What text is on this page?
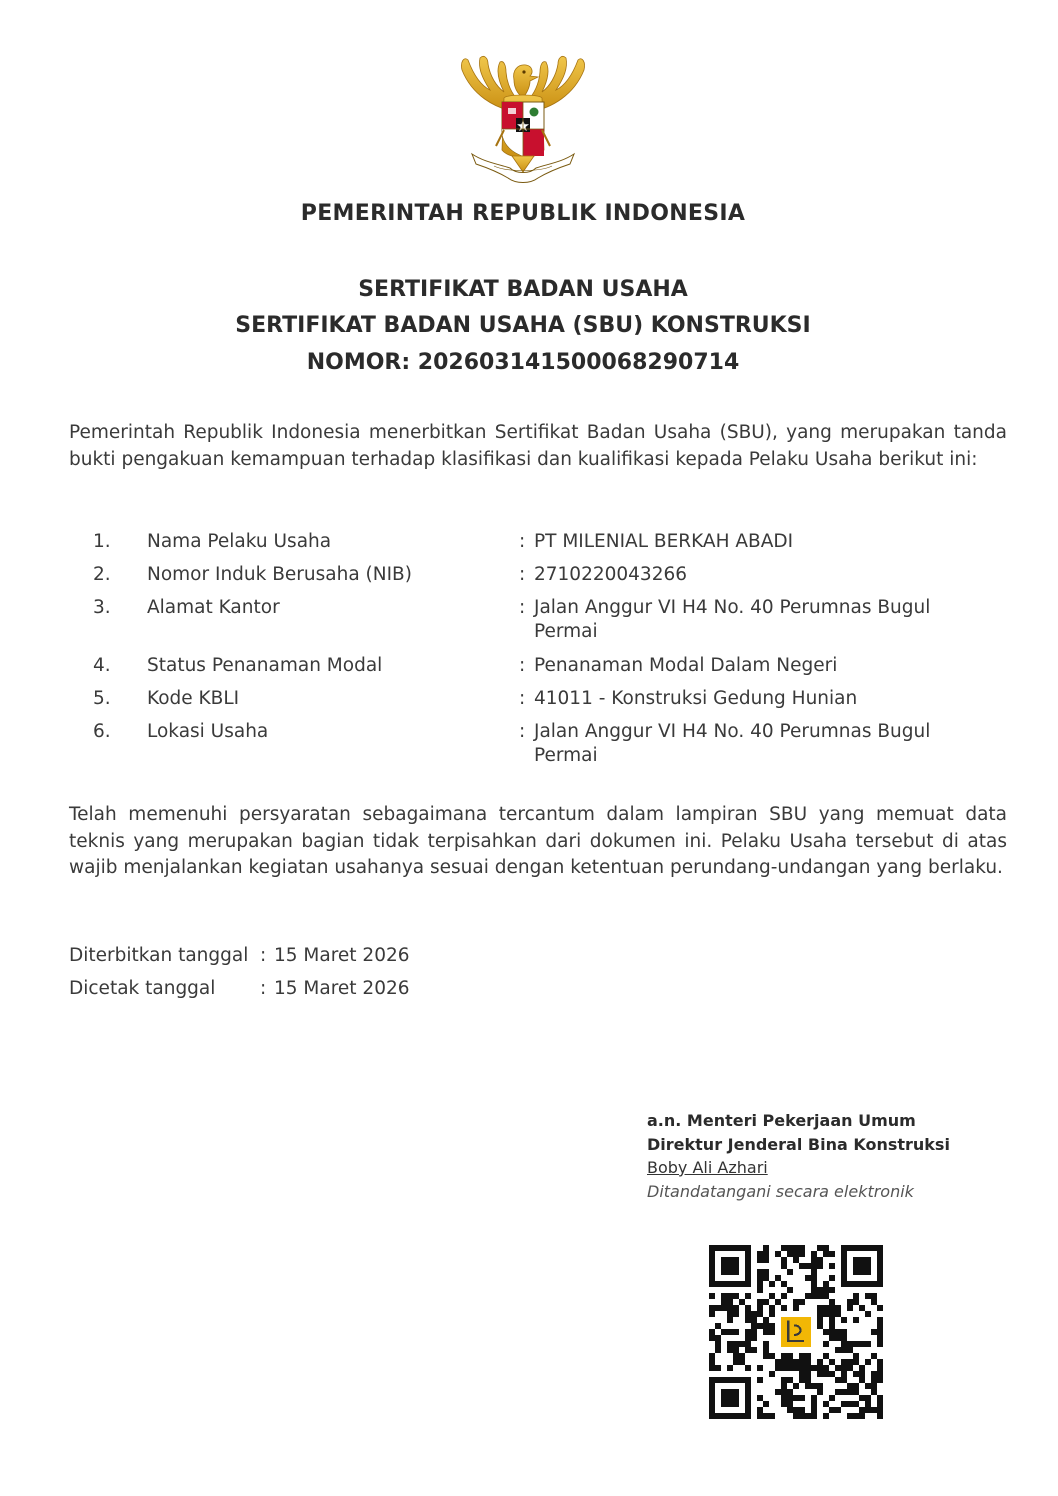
PEMERINTAH REPUBLIK INDONESIA
SERTIFIKAT BADAN USAHA
SERTIFIKAT BADAN USAHA (SBU) KONSTRUKSI
NOMOR: 20260314150006829071​4

Pemerintah Republik Indonesia menerbitkan Sertifikat Badan Usaha (SBU), yang merupakan tanda bukti pengakuan kemampuan terhadap klasifikasi dan kualifikasi kepada Pelaku Usaha berikut ini:

1. Nama Pelaku Usaha	: PT MILENIAL BERKAH ABADI
2. Nomor Induk Berusaha (NIB)	: 2710220043266
3. Alamat Kantor	: Jalan Anggur VI H4 No. 40 Perumnas Bugul Permai
4. Status Penanaman Modal	: Penanaman Modal Dalam Negeri
5. Kode KBLI	: 41011 - Konstruksi Gedung Hunian
6. Lokasi Usaha	: Jalan Anggur VI H4 No. 40 Perumnas Bugul Permai

Telah memenuhi persyaratan sebagaimana tercantum dalam lampiran SBU yang memuat data teknis yang merupakan bagian tidak terpisahkan dari dokumen ini. Pelaku Usaha tersebut di atas wajib menjalankan kegiatan usahanya sesuai dengan ketentuan perundang-undangan yang berlaku.

Diterbitkan tanggal : 15 Maret 2026
Dicetak tanggal : 15 Maret 2026
a.n. Menteri Pekerjaan Umum
Direktur Jenderal Bina Konstruksi
Boby Ali Azhari
Ditandatangani secara elektronik
